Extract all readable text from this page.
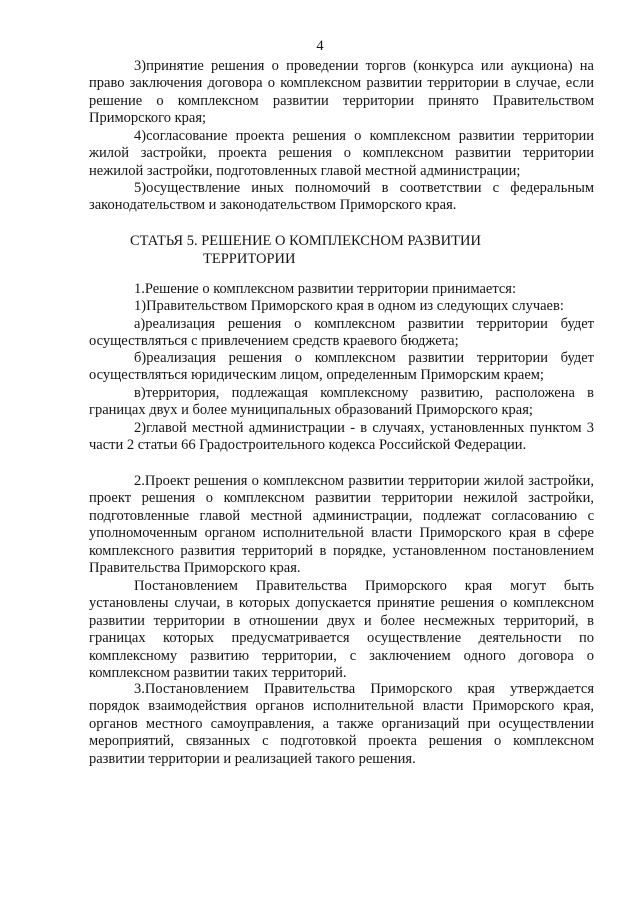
4

3)принятие решения о проведении торгов (конкурса или аукциона) на право заключения договора о комплексном развитии территории в случае, если решение о комплексном развитии территории принято Правительством Приморского края;

4)согласование проекта решения о комплексном развитии территории жилой застройки, проекта решения о комплексном развитии территории нежилой застройки, подготовленных главой местной администрации;

5)осуществление иных полномочий в соответствии с федеральным законодательством и законодательством Приморского края.

СТАТЬЯ 5. РЕШЕНИЕ О КОМПЛЕКСНОМ РАЗВИТИИ
ТЕРРИТОРИИ

1.Решение о комплексном развитии территории принимается:

1)Правительством Приморского края в одном из следующих случаев:

а)реализация решения о комплексном развитии территории будет осуществляться с привлечением средств краевого бюджета;

б)реализация решения о комплексном развитии территории будет осуществляться юридическим лицом, определенным Приморским краем;

в)территория, подлежащая комплексному развитию, расположена в границах двух и более муниципальных образований Приморского края;

2)главой местной администрации - в случаях, установленных пунктом 3 части 2 статьи 66 Градостроительного кодекса Российской Федерации.

2.Проект решения о комплексном развитии территории жилой застройки, проект решения о комплексном развитии территории нежилой застройки, подготовленные главой местной администрации, подлежат согласованию с уполномоченным органом исполнительной власти Приморского края в сфере комплексного развития территорий в порядке, установленном постановлением Правительства Приморского края.

Постановлением Правительства Приморского края могут быть установлены случаи, в которых допускается принятие решения о комплексном развитии территории в отношении двух и более несмежных территорий, в границах которых предусматривается осуществление деятельности по комплексному развитию территории, с заключением одного договора о комплексном развитии таких территорий.

3.Постановлением Правительства Приморского края утверждается порядок взаимодействия органов исполнительной власти Приморского края, органов местного самоуправления, а также организаций при осуществлении мероприятий, связанных с подготовкой проекта решения о комплексном развитии территории и реализацией такого решения.
